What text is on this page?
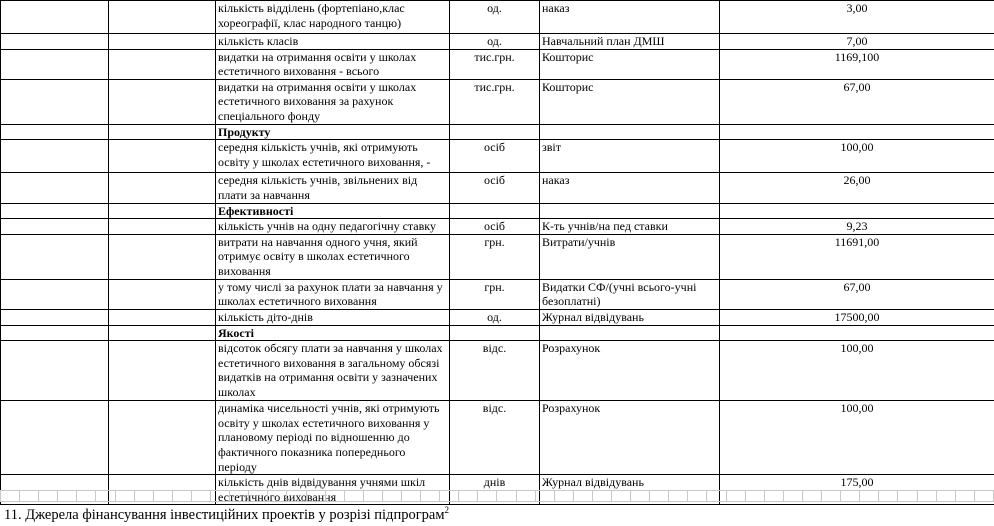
		кількість відділень (фортепіано,клас хореографії, клас народного танцю)	од.	наказ	3,00
		кількість класів	од.	Навчальний план ДМШ	7,00
		видатки на отримання освіти у школах естетичного виховання - всього	тис.грн.	Кошторис	1169,100
		видатки на отримання освіти у школах естетичного виховання за рахунок спеціального фонду	тис.грн.	Кошторис	67,00
		Продукту			
		середня кількість учнів, які отримують освіту у школах естетичного виховання, -	осіб	звіт	100,00
		середня кількість учнів, звільнених від плати за навчання	осіб	наказ	26,00
		Ефективності			
		кількість учнів на одну педагогічну ставку	осіб	К-ть учнів/на пед ставки	9,23
		витрати на навчання одного учня, який отримує освіту в школах естетичного виховання	грн.	Витрати/учнів	11691,00
		у тому числі за рахунок плати за навчання у школах естетичного виховання	грн.	Видатки СФ/(учні всього-учні безоплатні)	67,00
		кількість діто-днів	од.	Журнал відвідувань	17500,00
		Якості			
		відсоток обсягу плати за навчання у школах естетичного виховання в загальному обсязі видатків на отримання освіти у зазначених школах	відс.	Розрахунок	100,00
		динаміка чисельності учнів, які отримують освіту у школах естетичного виховання у плановому періоді по відношенню до фактичного показника попереднього періоду	відс.	Розрахунок	100,00
		кількість днів відвідування учнями шкіл естетичного виховання	днів	Журнал відвідувань	175,00

11. Джерела фінансування інвестиційних проектів у розрізі підпрограм$^2$
